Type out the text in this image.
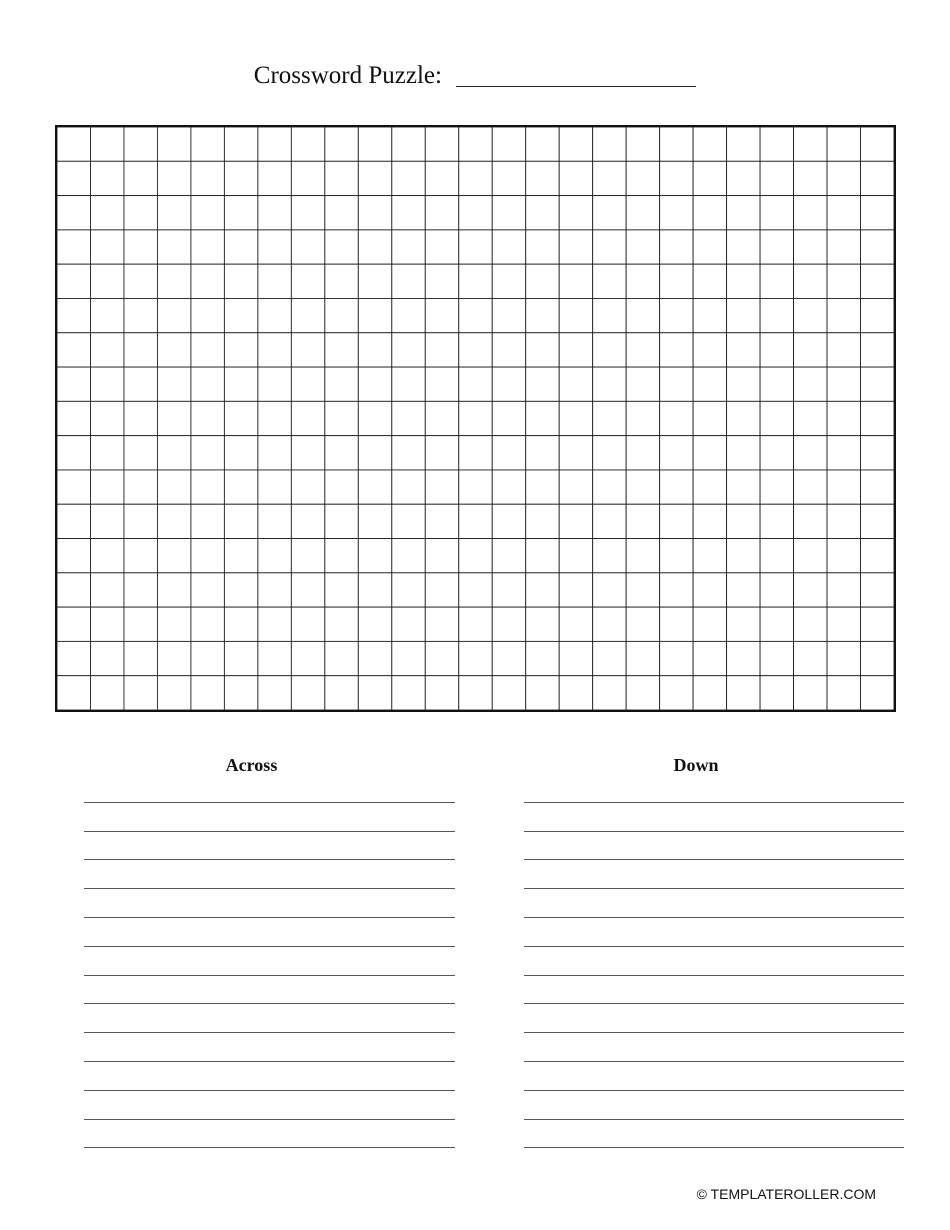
Crossword Puzzle:
Across	Down
© TEMPLATEROLLER.COM
